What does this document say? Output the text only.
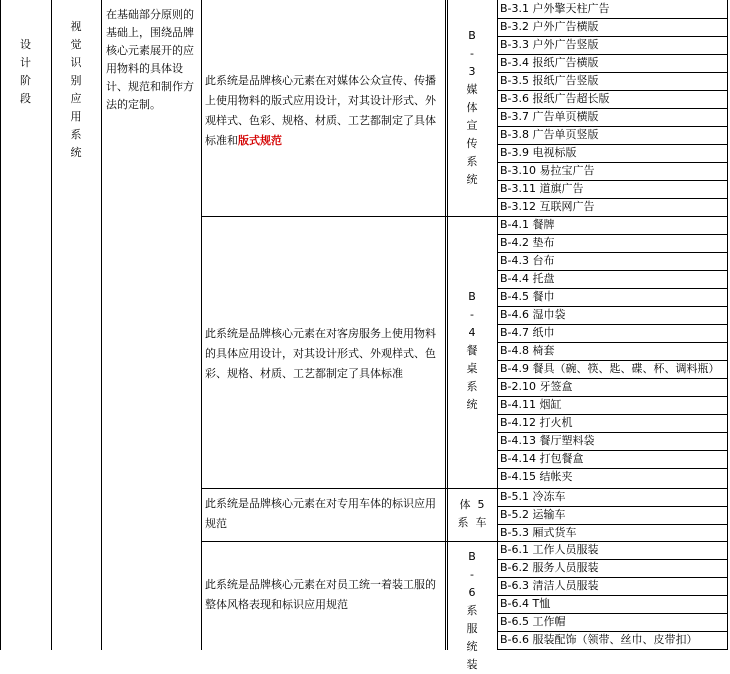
设
计
阶
段
视
觉
识
别
应
用
系
统
在基础部分原则的基础上，围绕品牌核心元素展开的应用物料的具体设计、规范和制作方法的定制。
此系统是品牌核心元素在对媒体公众宣传、传播上使用物料的版式应用设计，对其设计形式、外观样式、色彩、规格、材质、工艺都制定了具体标准和版式规范
B
-
3
媒
体
宣
传
系
统
此系统是品牌核心元素在对客房服务上使用物料的具体应用设计，对其设计形式、外观样式、色彩、规格、材质、工艺都制定了具体标准
B
-
4
餐
桌
系
统
此系统是品牌核心元素在对专用车体的标识应用规范
体  5
系  车
此系统是品牌核心元素在对员工统一着装工服的整体风格表现和标识应用规范
B
-
6
系
服
统
装
B-3.1 户外擎天柱广告
B-3.2 户外广告横版
B-3.3 户外广告竖版
B-3.4 报纸广告横版
B-3.5 报纸广告竖版
B-3.6 报纸广告超长版
B-3.7 广告单页横版
B-3.8 广告单页竖版
B-3.9 电视标版
B-3.10 易拉宝广告
B-3.11 道旗广告
B-3.12 互联网广告
B-4.1 餐牌
B-4.2 垫布
B-4.3 台布
B-4.4 托盘
B-4.5 餐巾
B-4.6 湿巾袋
B-4.7 纸巾
B-4.8 椅套
B-4.9 餐具（碗、筷、匙、碟、杯、调料瓶）
B-2.10 牙签盒
B-4.11 烟缸
B-4.12 打火机
B-4.13 餐厅塑料袋
B-4.14 打包餐盒
B-4.15 结帐夹
B-5.1 冷冻车
B-5.2 运输车
B-5.3 厢式货车
B-6.1 工作人员服装
B-6.2 服务人员服装
B-6.3 清洁人员服装
B-6.4 T恤
B-6.5 工作帽
B-6.6 服装配饰（领带、丝巾、皮带扣）
